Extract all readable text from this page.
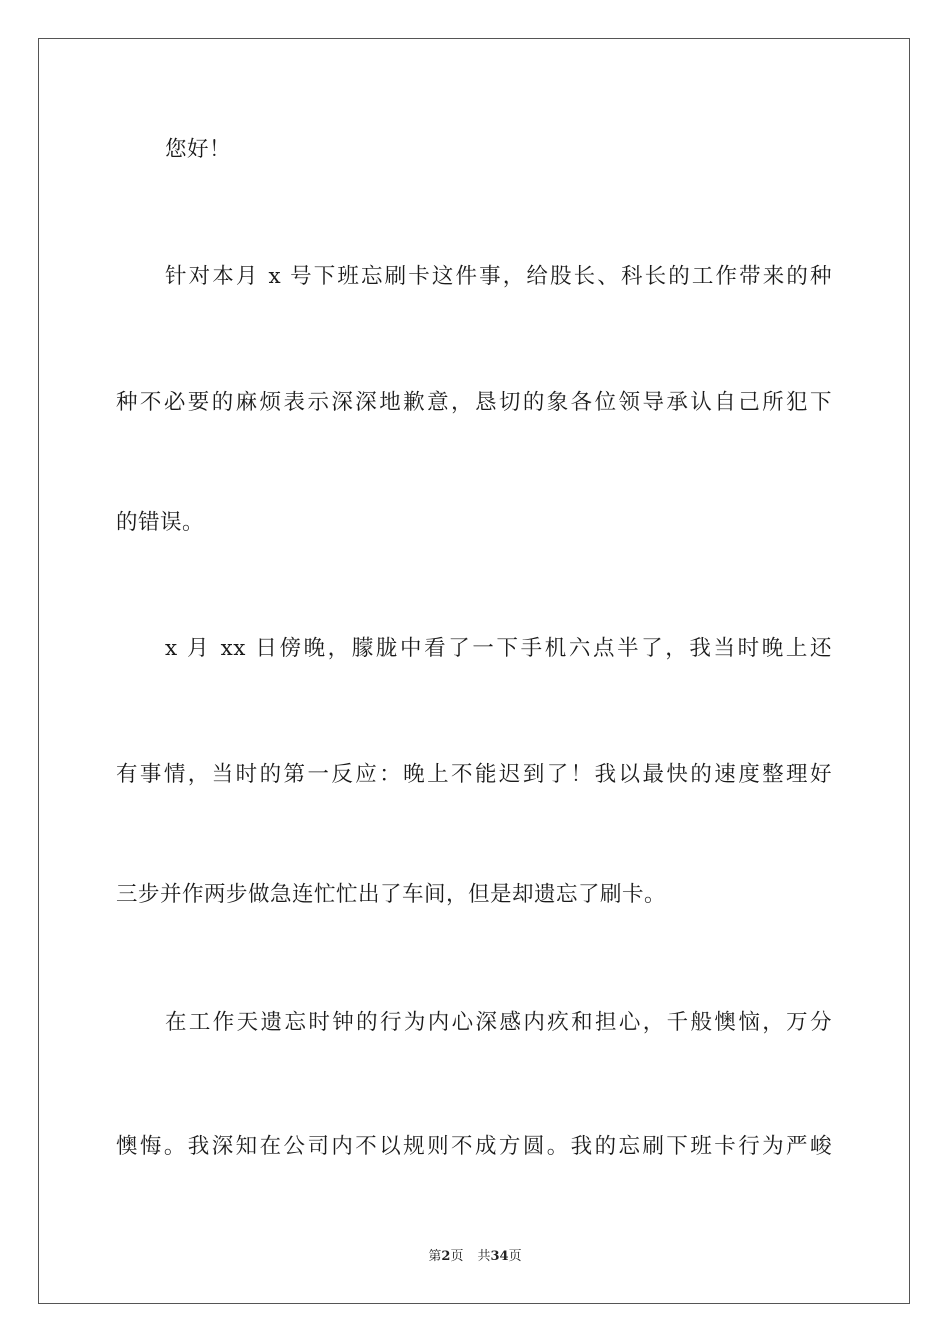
您好！
针对本月 x 号下班忘刷卡这件事，给股长、科长的工作带来的种
种不必要的麻烦表示深深地歉意，恳切的象各位领导承认自己所犯下
的错误。
x 月 xx 日傍晚，朦胧中看了一下手机六点半了，我当时晚上还
有事情，当时的第一反应：晚上不能迟到了！我以最快的速度整理好
三步并作两步做急连忙忙出了车间，但是却遗忘了刷卡。
在工作天遗忘时钟的行为内心深感内疚和担心，千般懊恼，万分
懊悔。我深知在公司内不以规则不成方圆。我的忘刷下班卡行为严峻
第2页 共34页
